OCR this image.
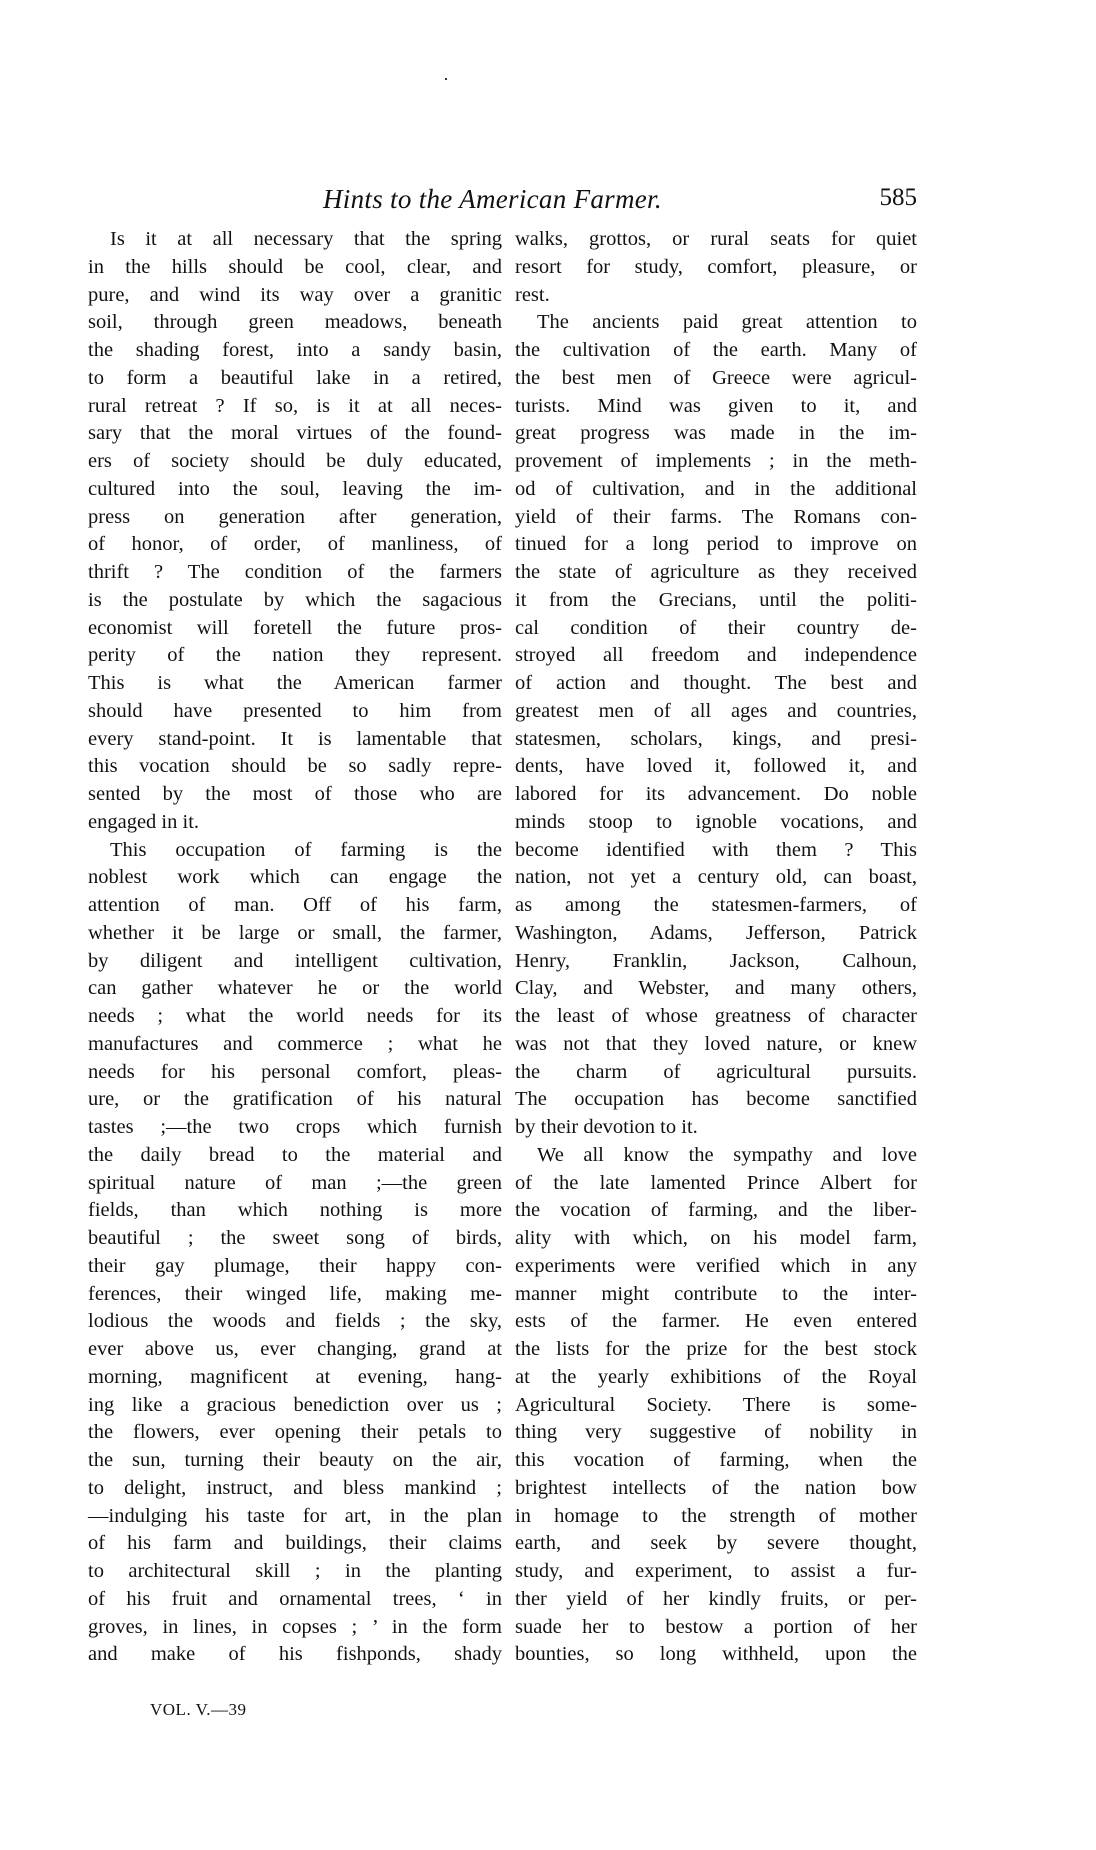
Hints to the American Farmer.	585
Is it at all necessary that the spring
in the hills should be cool, clear, and
pure, and wind its way over a granitic
soil, through green meadows, beneath
the shading forest, into a sandy basin,
to form a beautiful lake in a retired,
rural retreat ? If so, is it at all neces-
sary that the moral virtues of the found-
ers of society should be duly educated,
cultured into the soul, leaving the im-
press on generation after generation,
of honor, of order, of manliness, of
thrift ? The condition of the farmers
is the postulate by which the sagacious
economist will foretell the future pros-
perity of the nation they represent.
This is what the American farmer
should have presented to him from
every stand-point. It is lamentable that
this vocation should be so sadly repre-
sented by the most of those who are
engaged in it.
This occupation of farming is the
noblest work which can engage the
attention of man. Off of his farm,
whether it be large or small, the farmer,
by diligent and intelligent cultivation,
can gather whatever he or the world
needs ; what the world needs for its
manufactures and commerce ; what he
needs for his personal comfort, pleas-
ure, or the gratification of his natural
tastes ;—the two crops which furnish
the daily bread to the material and
spiritual nature of man ;—the green
fields, than which nothing is more
beautiful ; the sweet song of birds,
their gay plumage, their happy con-
ferences, their winged life, making me-
lodious the woods and fields ; the sky,
ever above us, ever changing, grand at
morning, magnificent at evening, hang-
ing like a gracious benediction over us ;
the flowers, ever opening their petals to
the sun, turning their beauty on the air,
to delight, instruct, and bless mankind ;
—indulging his taste for art, in the plan
of his farm and buildings, their claims
to architectural skill ; in the planting
of his fruit and ornamental trees, ‘ in
groves, in lines, in copses ; ’ in the form
and make of his fishponds, shady
walks, grottos, or rural seats for quiet
resort for study, comfort, pleasure, or
rest.
The ancients paid great attention to
the cultivation of the earth. Many of
the best men of Greece were agricul-
turists. Mind was given to it, and
great progress was made in the im-
provement of implements ; in the meth-
od of cultivation, and in the additional
yield of their farms. The Romans con-
tinued for a long period to improve on
the state of agriculture as they received
it from the Grecians, until the politi-
cal condition of their country de-
stroyed all freedom and independence
of action and thought. The best and
greatest men of all ages and countries,
statesmen, scholars, kings, and presi-
dents, have loved it, followed it, and
labored for its advancement. Do noble
minds stoop to ignoble vocations, and
become identified with them ? This
nation, not yet a century old, can boast,
as among the statesmen-farmers, of
Washington, Adams, Jefferson, Patrick
Henry, Franklin, Jackson, Calhoun,
Clay, and Webster, and many others,
the least of whose greatness of character
was not that they loved nature, or knew
the charm of agricultural pursuits.
The occupation has become sanctified
by their devotion to it.
We all know the sympathy and love
of the late lamented Prince Albert for
the vocation of farming, and the liber-
ality with which, on his model farm,
experiments were verified which in any
manner might contribute to the inter-
ests of the farmer. He even entered
the lists for the prize for the best stock
at the yearly exhibitions of the Royal
Agricultural Society. There is some-
thing very suggestive of nobility in
this vocation of farming, when the
brightest intellects of the nation bow
in homage to the strength of mother
earth, and seek by severe thought,
study, and experiment, to assist a fur-
ther yield of her kindly fruits, or per-
suade her to bestow a portion of her
bounties, so long withheld, upon the
VOL. V.—39
